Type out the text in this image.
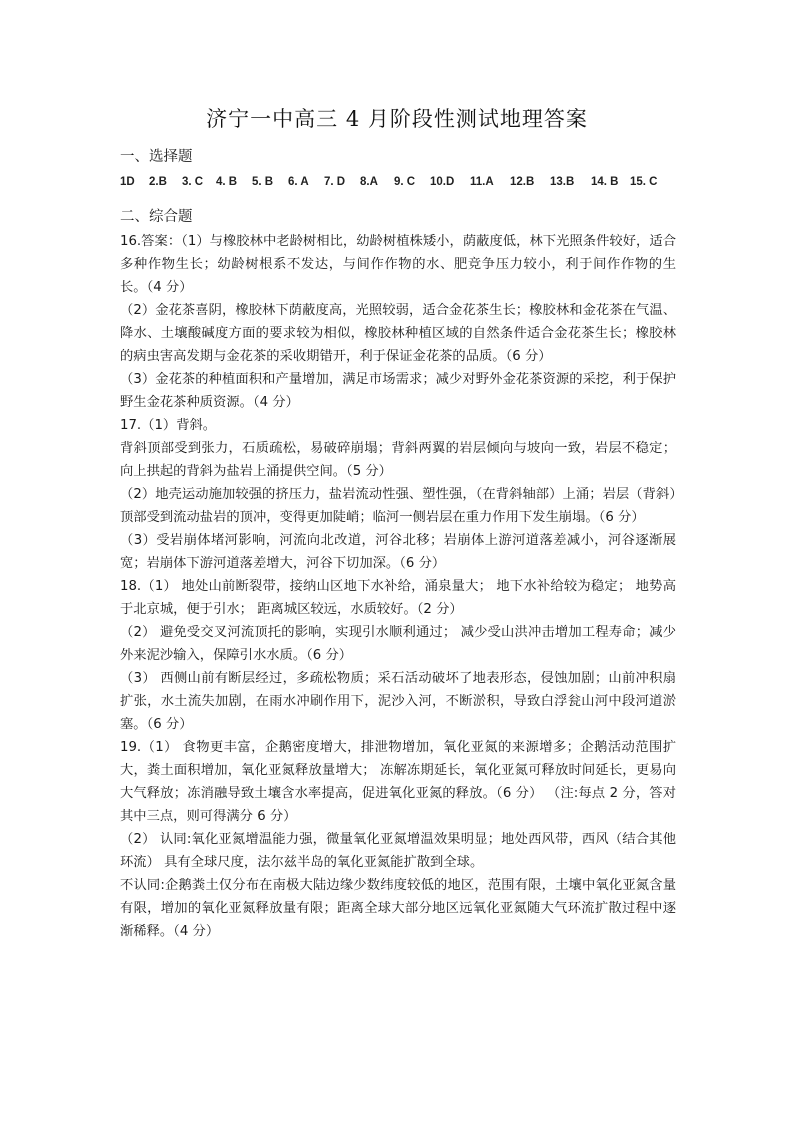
济宁一中高三 4 月阶段性测试地理答案
一、选择题
1D 2.B 3. C 4. B 5. B 6. A 7. D 8.A 9. C 10.D 11.A 12.B 13.B 14. B 15. C
二、综合题

16.答案：（1）与橡胶林中老龄树相比，幼龄树植株矮小，荫蔽度低，林下光照条件较好，适合多种作物生长；幼龄树根系不发达，与间作作物的水、肥竞争压力较小，利于间作作物的生长。（4 分）

（2）金花茶喜阴，橡胶林下荫蔽度高，光照较弱，适合金花茶生长；橡胶林和金花茶在气温、降水、土壤酸碱度方面的要求较为相似，橡胶林种植区域的自然条件适合金花茶生长；橡胶林的病虫害高发期与金花茶的采收期错开，利于保证金花茶的品质。（6 分）

（3）金花茶的种植面积和产量增加，满足市场需求；减少对野外金花茶资源的采挖，利于保护野生金花茶种质资源。（4 分）

17.（1）背斜。

背斜顶部受到张力，石质疏松，易破碎崩塌；背斜两翼的岩层倾向与坡向一致，岩层不稳定；向上拱起的背斜为盐岩上涌提供空间。（5 分）

（2）地壳运动施加较强的挤压力，盐岩流动性强、塑性强，（在背斜轴部）上涌；岩层（背斜）顶部受到流动盐岩的顶冲，变得更加陡峭；临河一侧岩层在重力作用下发生崩塌。（6 分）

（3）受岩崩体堵河影响，河流向北改道，河谷北移；岩崩体上游河道落差减小，河谷逐渐展宽；岩崩体下游河道落差增大，河谷下切加深。（6 分）

18.（1） 地处山前断裂带，接纳山区地下水补给，涌泉量大； 地下水补给较为稳定； 地势高于北京城，便于引水； 距离城区较远，水质较好。（2 分）

（2） 避免受交叉河流顶托的影响，实现引水顺利通过； 减少受山洪冲击增加工程寿命；减少外来泥沙输入，保障引水水质。（6 分）

（3） 西侧山前有断层经过，多疏松物质；采石活动破坏了地表形态，侵蚀加剧；山前冲积扇扩张，水土流失加剧，在雨水冲刷作用下，泥沙入河，不断淤积，导致白浮瓮山河中段河道淤塞。（6 分）

19.（1） 食物更丰富，企鹅密度增大，排泄物增加，氧化亚氮的来源增多；企鹅活动范围扩大，粪土面积增加，氧化亚氮释放量增大； 冻解冻期延长，氧化亚氮可释放时间延长，更易向大气释放；冻消融导致土壤含水率提高，促进氧化亚氮的释放。（6 分） （注:每点 2 分，答对其中三点，则可得满分 6 分）

（2） 认同:氧化亚氮增温能力强，微量氧化亚氮增温效果明显；地处西风带，西风（结合其他环流） 具有全球尺度，法尔兹半岛的氧化亚氮能扩散到全球。

不认同:企鹅粪土仅分布在南极大陆边缘少数纬度较低的地区，范围有限，土壤中氧化亚氮含量有限，增加的氧化亚氮释放量有限；距离全球大部分地区远氧化亚氮随大气环流扩散过程中逐渐稀释。（4 分）
